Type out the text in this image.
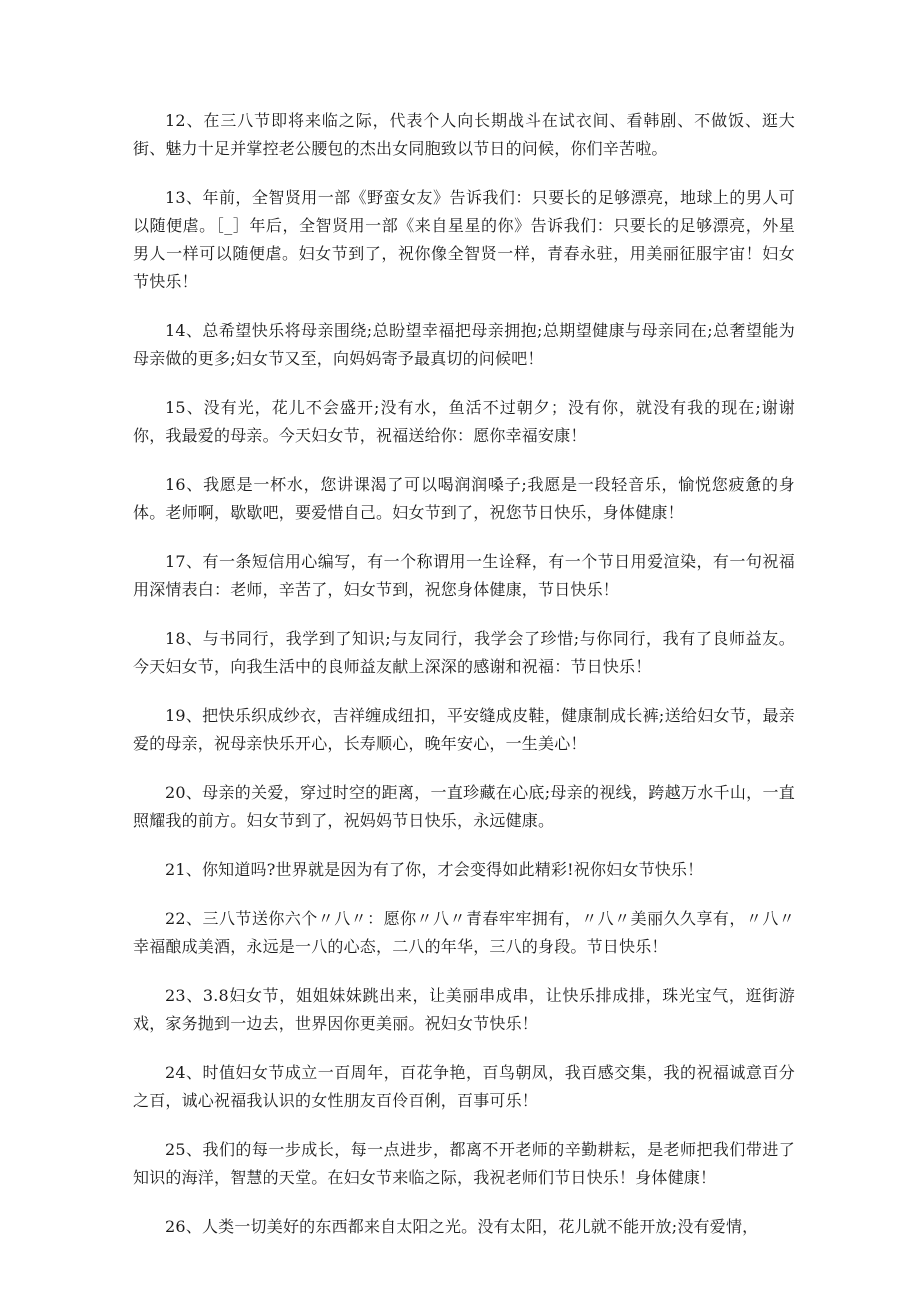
12、在三八节即将来临之际，代表个人向长期战斗在试衣间、看韩剧、不做饭、逛大街、魅力十足并掌控老公腰包的杰出女同胞致以节日的问候，你们辛苦啦。

13、年前，全智贤用一部《野蛮女友》告诉我们：只要长的足够漂亮，地球上的男人可以随便虐。［_］年后，全智贤用一部《来自星星的你》告诉我们：只要长的足够漂亮，外星男人一样可以随便虐。妇女节到了，祝你像全智贤一样，青春永驻，用美丽征服宇宙！妇女节快乐！

14、总希望快乐将母亲围绕;总盼望幸福把母亲拥抱;总期望健康与母亲同在;总奢望能为母亲做的更多;妇女节又至，向妈妈寄予最真切的问候吧！

15、没有光，花儿不会盛开;没有水，鱼活不过朝夕；没有你，就没有我的现在;谢谢你，我最爱的母亲。今天妇女节，祝福送给你：愿你幸福安康！

16、我愿是一杯水，您讲课渴了可以喝润润嗓子;我愿是一段轻音乐，愉悦您疲惫的身体。老师啊，歇歇吧，要爱惜自己。妇女节到了，祝您节日快乐，身体健康！

17、有一条短信用心编写，有一个称谓用一生诠释，有一个节日用爱渲染，有一句祝福用深情表白：老师，辛苦了，妇女节到，祝您身体健康，节日快乐！

18、与书同行，我学到了知识;与友同行，我学会了珍惜;与你同行，我有了良师益友。今天妇女节，向我生活中的良师益友献上深深的感谢和祝福：节日快乐！

19、把快乐织成纱衣，吉祥缠成纽扣，平安缝成皮鞋，健康制成长裤;送给妇女节，最亲爱的母亲，祝母亲快乐开心，长寿顺心，晚年安心，一生美心！

20、母亲的关爱，穿过时空的距离，一直珍藏在心底;母亲的视线，跨越万水千山，一直照耀我的前方。妇女节到了，祝妈妈节日快乐，永远健康。

21、你知道吗?世界就是因为有了你，才会变得如此精彩!祝你妇女节快乐！

22、三八节送你六个〃八〃：愿你〃八〃青春牢牢拥有，〃八〃美丽久久享有，〃八〃幸福酿成美酒，永远是一八的心态，二八的年华，三八的身段。节日快乐！

23、3.8妇女节，姐姐妹妹跳出来，让美丽串成串，让快乐排成排，珠光宝气，逛街游戏，家务抛到一边去，世界因你更美丽。祝妇女节快乐！

24、时值妇女节成立一百周年，百花争艳，百鸟朝凤，我百感交集，我的祝福诚意百分之百，诚心祝福我认识的女性朋友百伶百俐，百事可乐！

25、我们的每一步成长，每一点进步，都离不开老师的辛勤耕耘，是老师把我们带进了知识的海洋，智慧的天堂。在妇女节来临之际，我祝老师们节日快乐！身体健康！

26、人类一切美好的东西都来自太阳之光。没有太阳，花儿就不能开放;没有爱情，
